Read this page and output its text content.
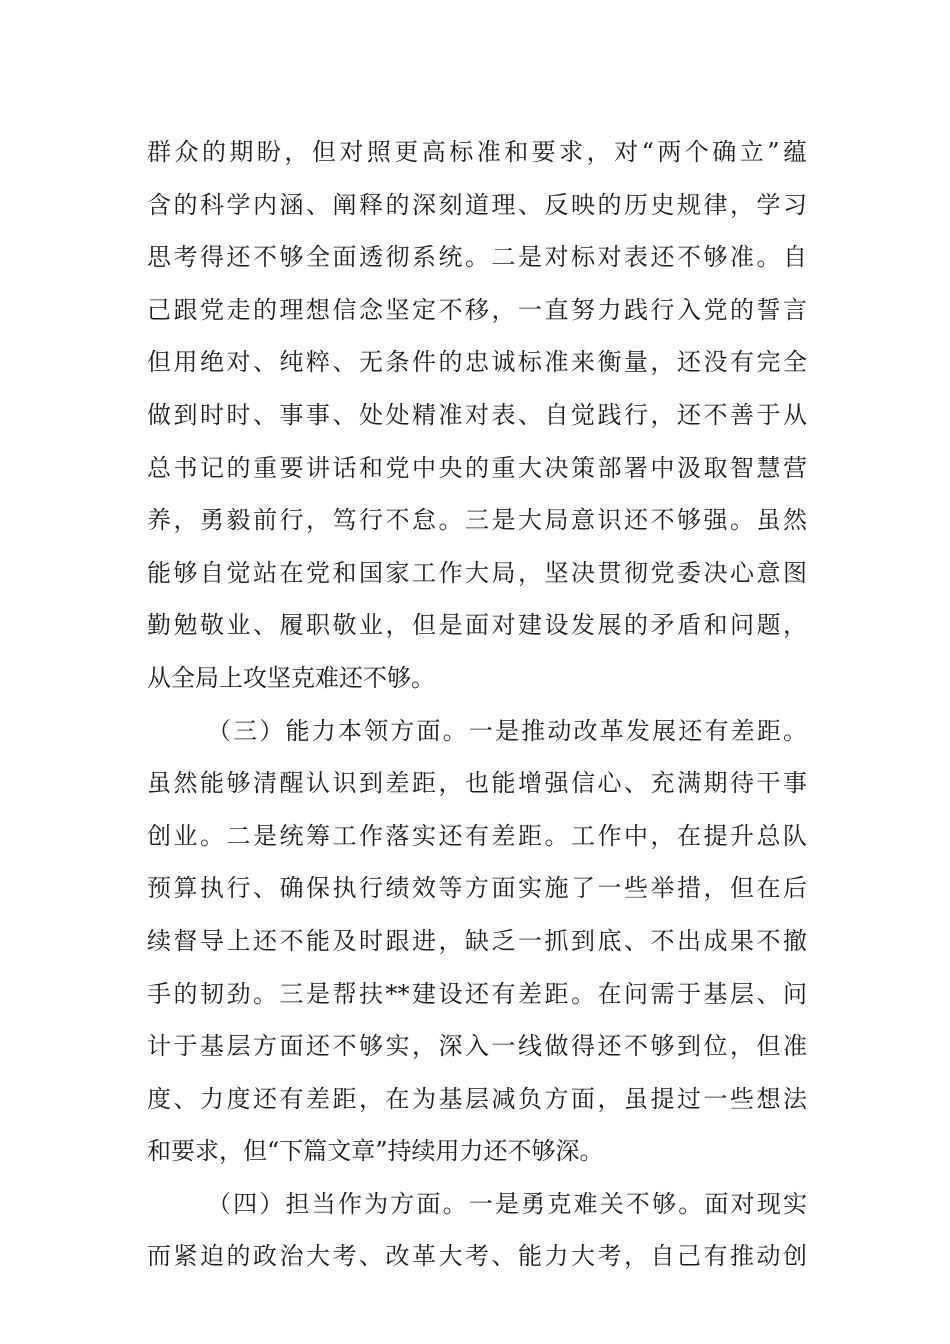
群众的期盼，但对照更高标准和要求，对“两个确立”蕴
含的科学内涵、阐释的深刻道理、反映的历史规律，学习
思考得还不够全面透彻系统。二是对标对表还不够准。自
己跟党走的理想信念坚定不移，一直努力践行入党的誓言
但用绝对、纯粹、无条件的忠诚标准来衡量，还没有完全
做到时时、事事、处处精准对表、自觉践行，还不善于从
总书记的重要讲话和党中央的重大决策部署中汲取智慧营
养，勇毅前行，笃行不怠。三是大局意识还不够强。虽然
能够自觉站在党和国家工作大局，坚决贯彻党委决心意图
勤勉敬业、履职敬业，但是面对建设发展的矛盾和问题，
从全局上攻坚克难还不够。
（三）能力本领方面。一是推动改革发展还有差距。
虽然能够清醒认识到差距，也能增强信心、充满期待干事
创业。二是统筹工作落实还有差距。工作中，在提升总队
预算执行、确保执行绩效等方面实施了一些举措，但在后
续督导上还不能及时跟进，缺乏一抓到底、不出成果不撤
手的韧劲。三是帮扶**建设还有差距。在问需于基层、问
计于基层方面还不够实，深入一线做得还不够到位，但准
度、力度还有差距，在为基层减负方面，虽提过一些想法
和要求，但“下篇文章”持续用力还不够深。
（四）担当作为方面。一是勇克难关不够。面对现实
而紧迫的政治大考、改革大考、能力大考，自己有推动创
